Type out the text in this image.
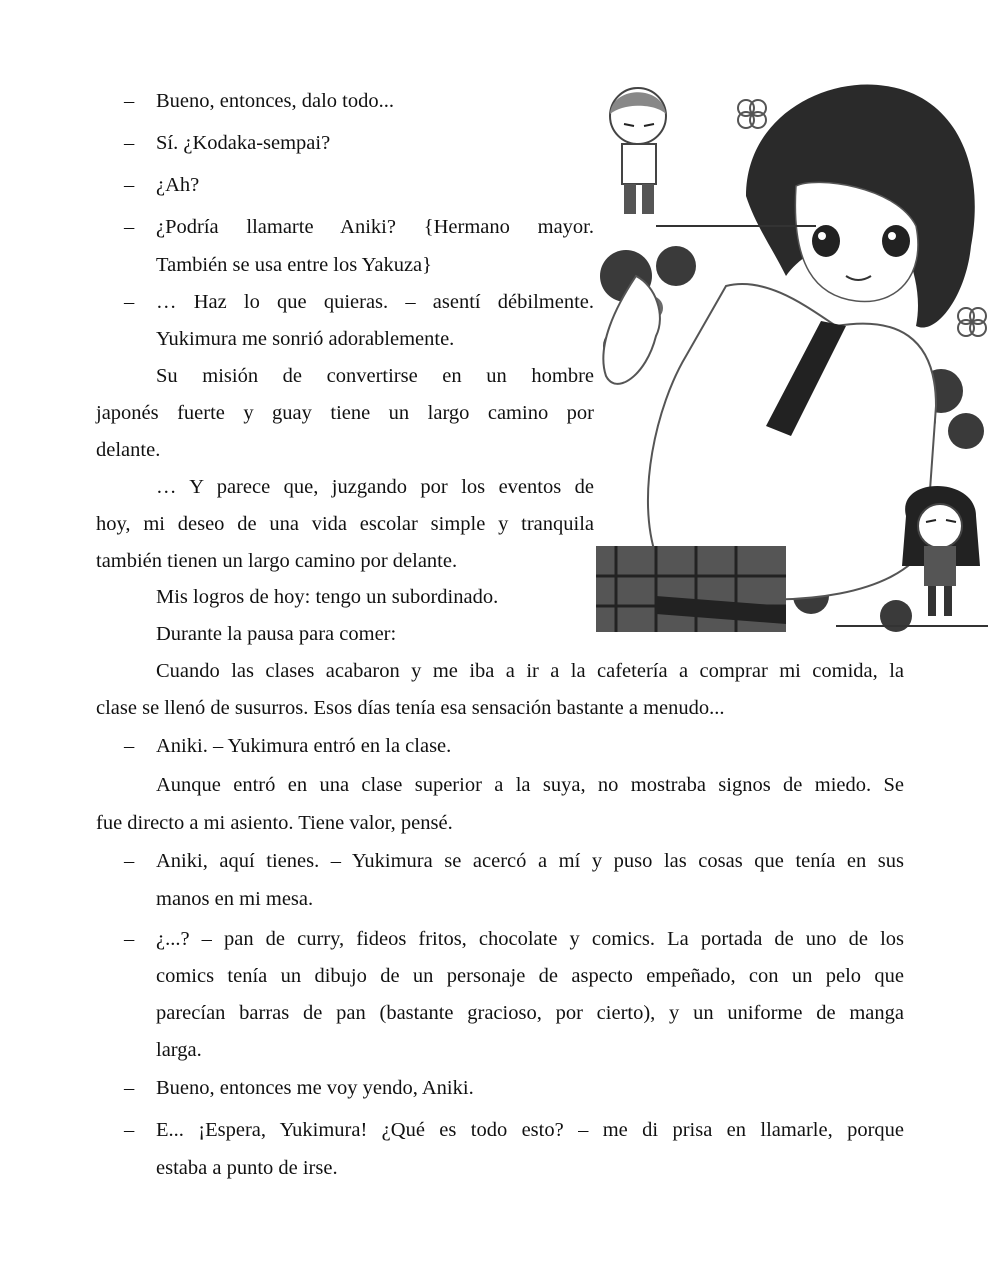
– Bueno, entonces, dalo todo...
– Sí. ¿Kodaka-sempai?
– ¿Ah?
– ¿Podría llamarte Aniki? {Hermano mayor.
También se usa entre los Yakuza}
– … Haz lo que quieras. – asentí débilmente.
Yukimura me sonrió adorablemente.
Su misión de convertirse en un hombre
japonés fuerte y guay tiene un largo camino por
delante.
… Y parece que, juzgando por los eventos de
hoy, mi deseo de una vida escolar simple y tranquila
también tienen un largo camino por delante.
Mis logros de hoy: tengo un subordinado.
Durante la pausa para comer:
Cuando las clases acabaron y me iba a ir a la cafetería a comprar mi comida, la
clase se llenó de susurros. Esos días tenía esa sensación bastante a menudo...
– Aniki. – Yukimura entró en la clase.
Aunque entró en una clase superior a la suya, no mostraba signos de miedo. Se
fue directo a mi asiento. Tiene valor, pensé.
– Aniki, aquí tienes. – Yukimura se acercó a mí y puso las cosas que tenía en sus
manos en mi mesa.
– ¿...? – pan de curry, fideos fritos, chocolate y comics. La portada de uno de los
comics tenía un dibujo de un personaje de aspecto empeñado, con un pelo que
parecían barras de pan (bastante gracioso, por cierto), y un uniforme de manga
larga.
– Bueno, entonces me voy yendo, Aniki.
– E... ¡Espera, Yukimura! ¿Qué es todo esto? – me di prisa en llamarle, porque
estaba a punto de irse.
